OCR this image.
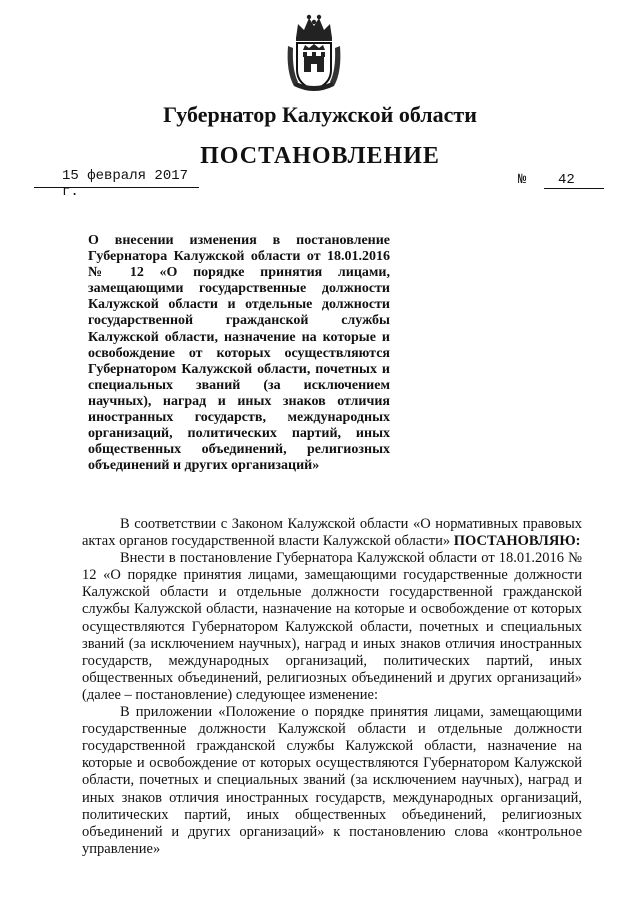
Губернатор Калужской области
ПОСТАНОВЛЕНИЕ
15 февраля 2017 г.
№	42
О внесении изменения в постановление Губернатора Калужской области от 18.01.2016 № 12 «О порядке принятия лицами, замещающими государственные должности Калужской области и отдельные должности государственной гражданской службы Калужской области, назначение на которые и освобождение от которых осуществляются Губернатором Калужской области, почетных и специальных званий (за исключением научных), наград и иных знаков отличия иностранных государств, международных организаций, политических партий, иных общественных объединений, религиозных объединений и других организаций»

В соответствии с Законом Калужской области «О нормативных правовых актах органов государственной власти Калужской области» ПОСТАНОВЛЯЮ:

Внести в постановление Губернатора Калужской области от 18.01.2016 № 12 «О порядке принятия лицами, замещающими государственные должности Калужской области и отдельные должности государственной гражданской службы Калужской области, назначение на которые и освобождение от которых осуществляются Губернатором Калужской области, почетных и специальных званий (за исключением научных), наград и иных знаков отличия иностранных государств, международных организаций, политических партий, иных общественных объединений, религиозных объединений и других организаций» (далее – постановление) следующее изменение:

В приложении «Положение о порядке принятия лицами, замещающими государственные должности Калужской области и отдельные должности государственной гражданской службы Калужской области, назначение на которые и освобождение от которых осуществляются Губернатором Калужской области, почетных и специальных званий (за исключением научных), наград и иных знаков отличия иностранных государств, международных организаций, политических партий, иных общественных объединений, религиозных объединений и других организаций» к постановлению слова «контрольное управление»
